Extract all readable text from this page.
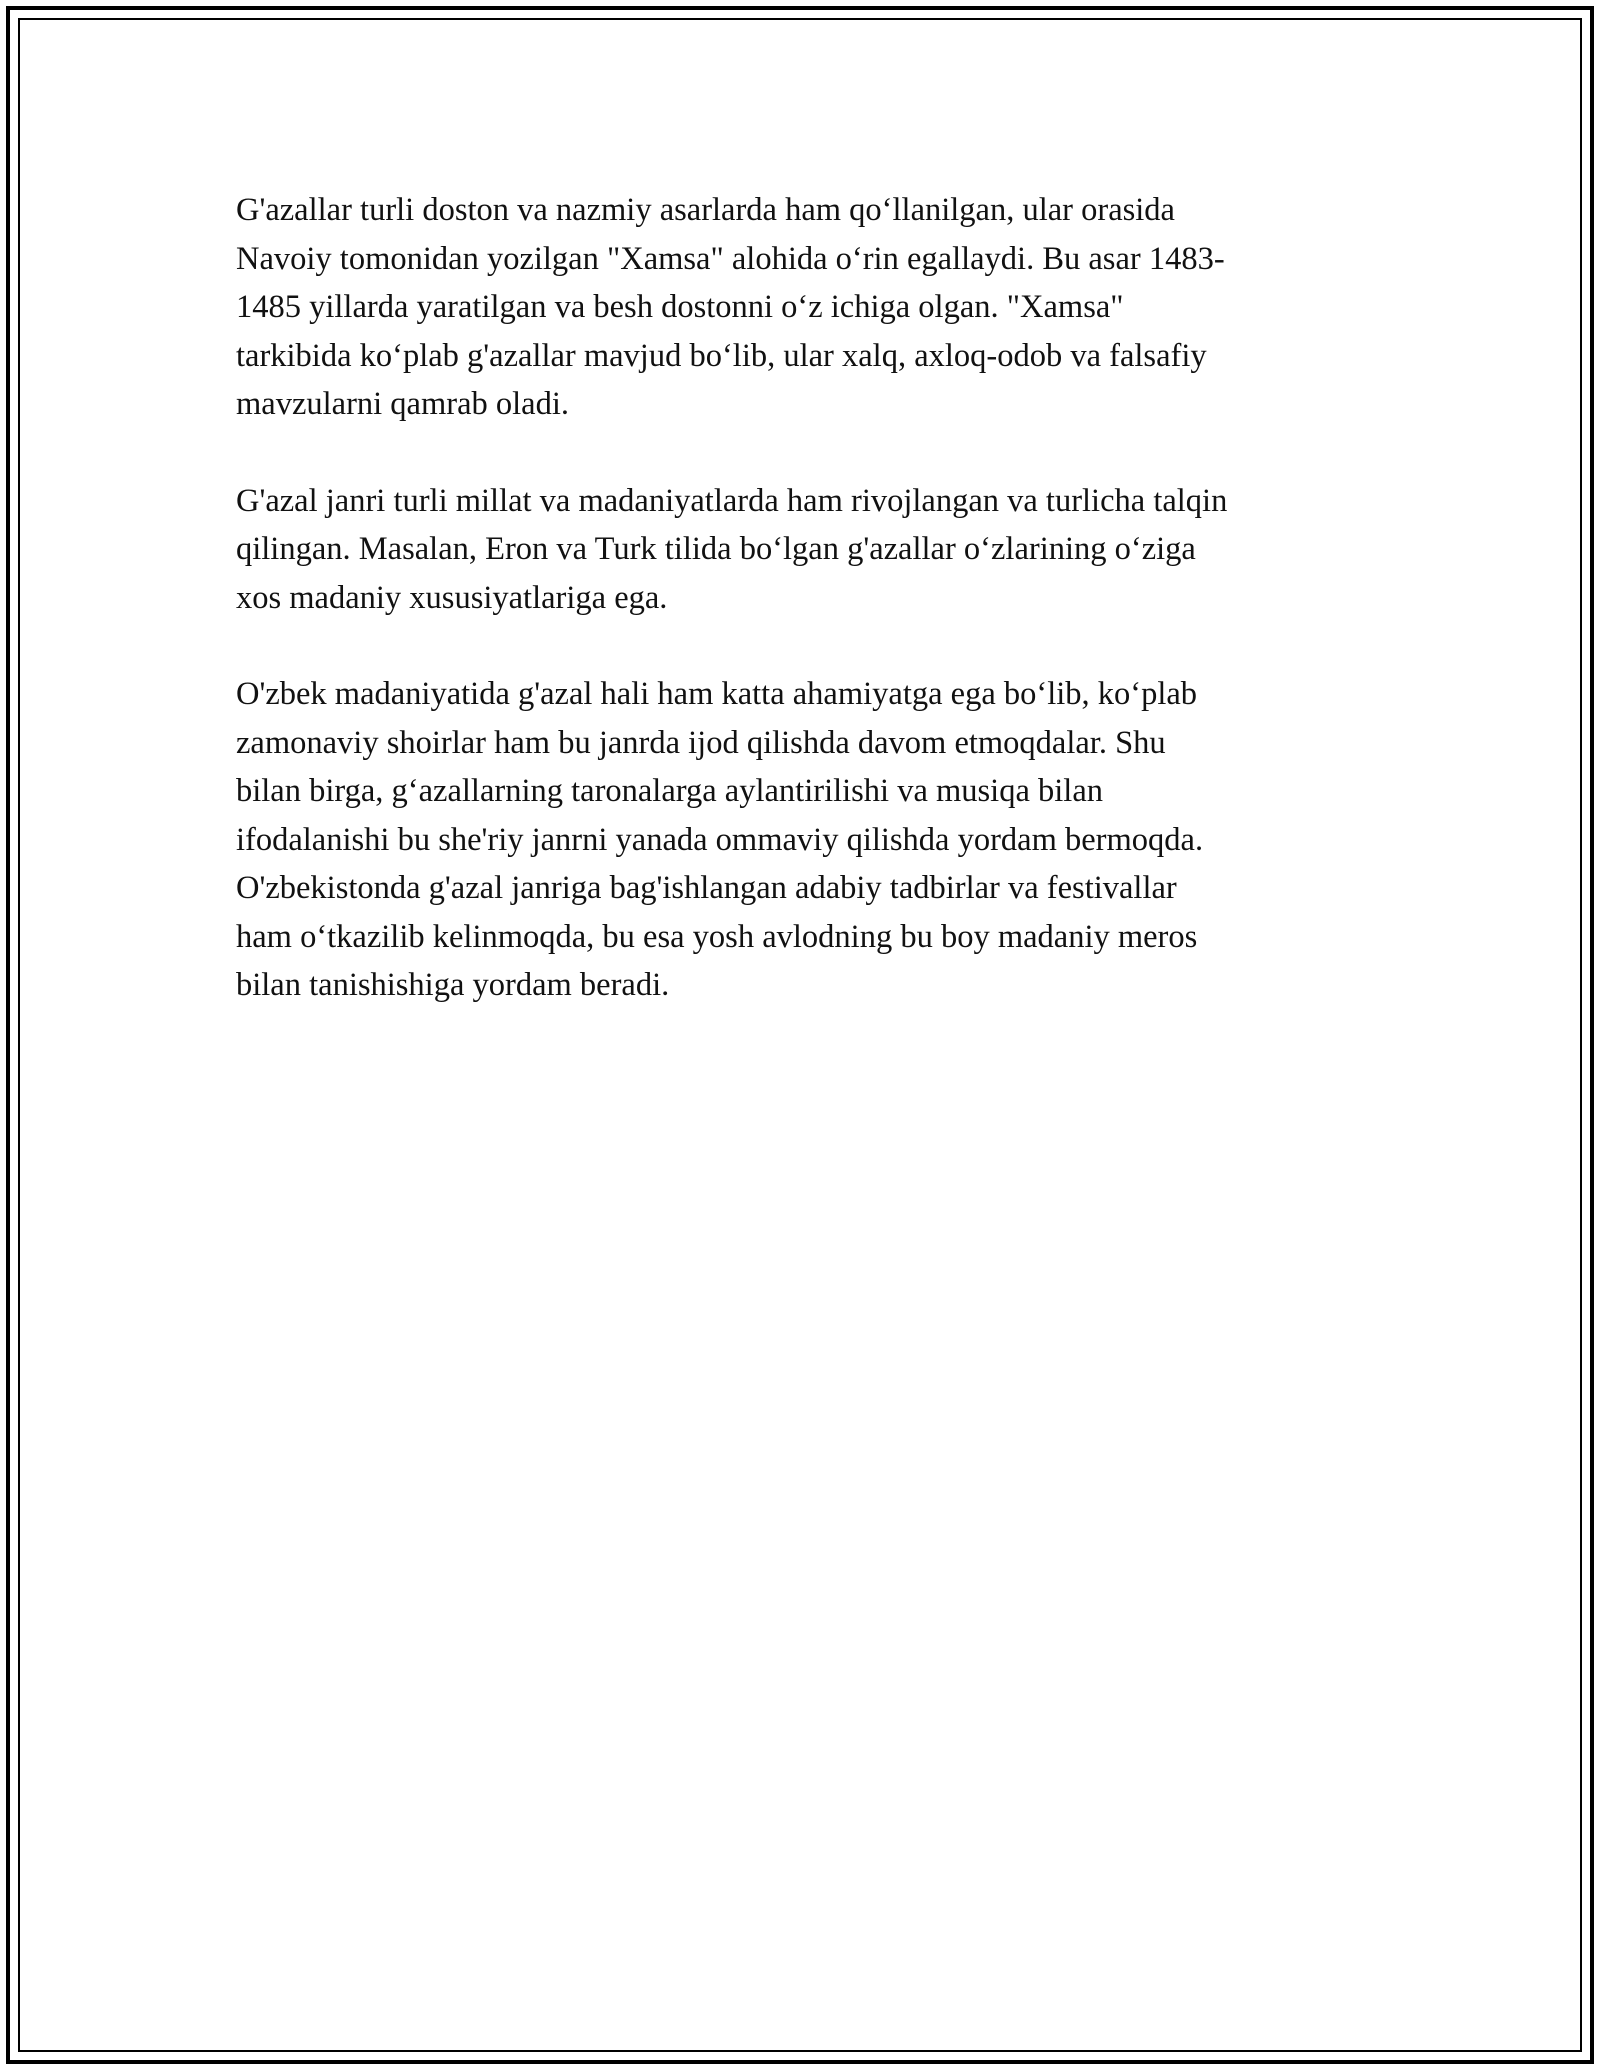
G'azallar turli doston va nazmiy asarlarda ham qo‘llanilgan, ular orasida
Navoiy tomonidan yozilgan "Xamsa" alohida o‘rin egallaydi. Bu asar 1483-
1485 yillarda yaratilgan va besh dostonni o‘z ichiga olgan. "Xamsa"
tarkibida ko‘plab g'azallar mavjud bo‘lib, ular xalq, axloq-odob va falsafiy
mavzularni qamrab oladi.

G'azal janri turli millat va madaniyatlarda ham rivojlangan va turlicha talqin
qilingan. Masalan, Eron va Turk tilida bo‘lgan g'azallar o‘zlarining o‘ziga
xos madaniy xususiyatlariga ega.

O'zbek madaniyatida g'azal hali ham katta ahamiyatga ega bo‘lib, ko‘plab
zamonaviy shoirlar ham bu janrda ijod qilishda davom etmoqdalar. Shu
bilan birga, g‘azallarning taronalarga aylantirilishi va musiqa bilan
ifodalanishi bu she'riy janrni yanada ommaviy qilishda yordam bermoqda.
O'zbekistonda g'azal janriga bag'ishlangan adabiy tadbirlar va festivallar
ham o‘tkazilib kelinmoqda, bu esa yosh avlodning bu boy madaniy meros
bilan tanishishiga yordam beradi.
